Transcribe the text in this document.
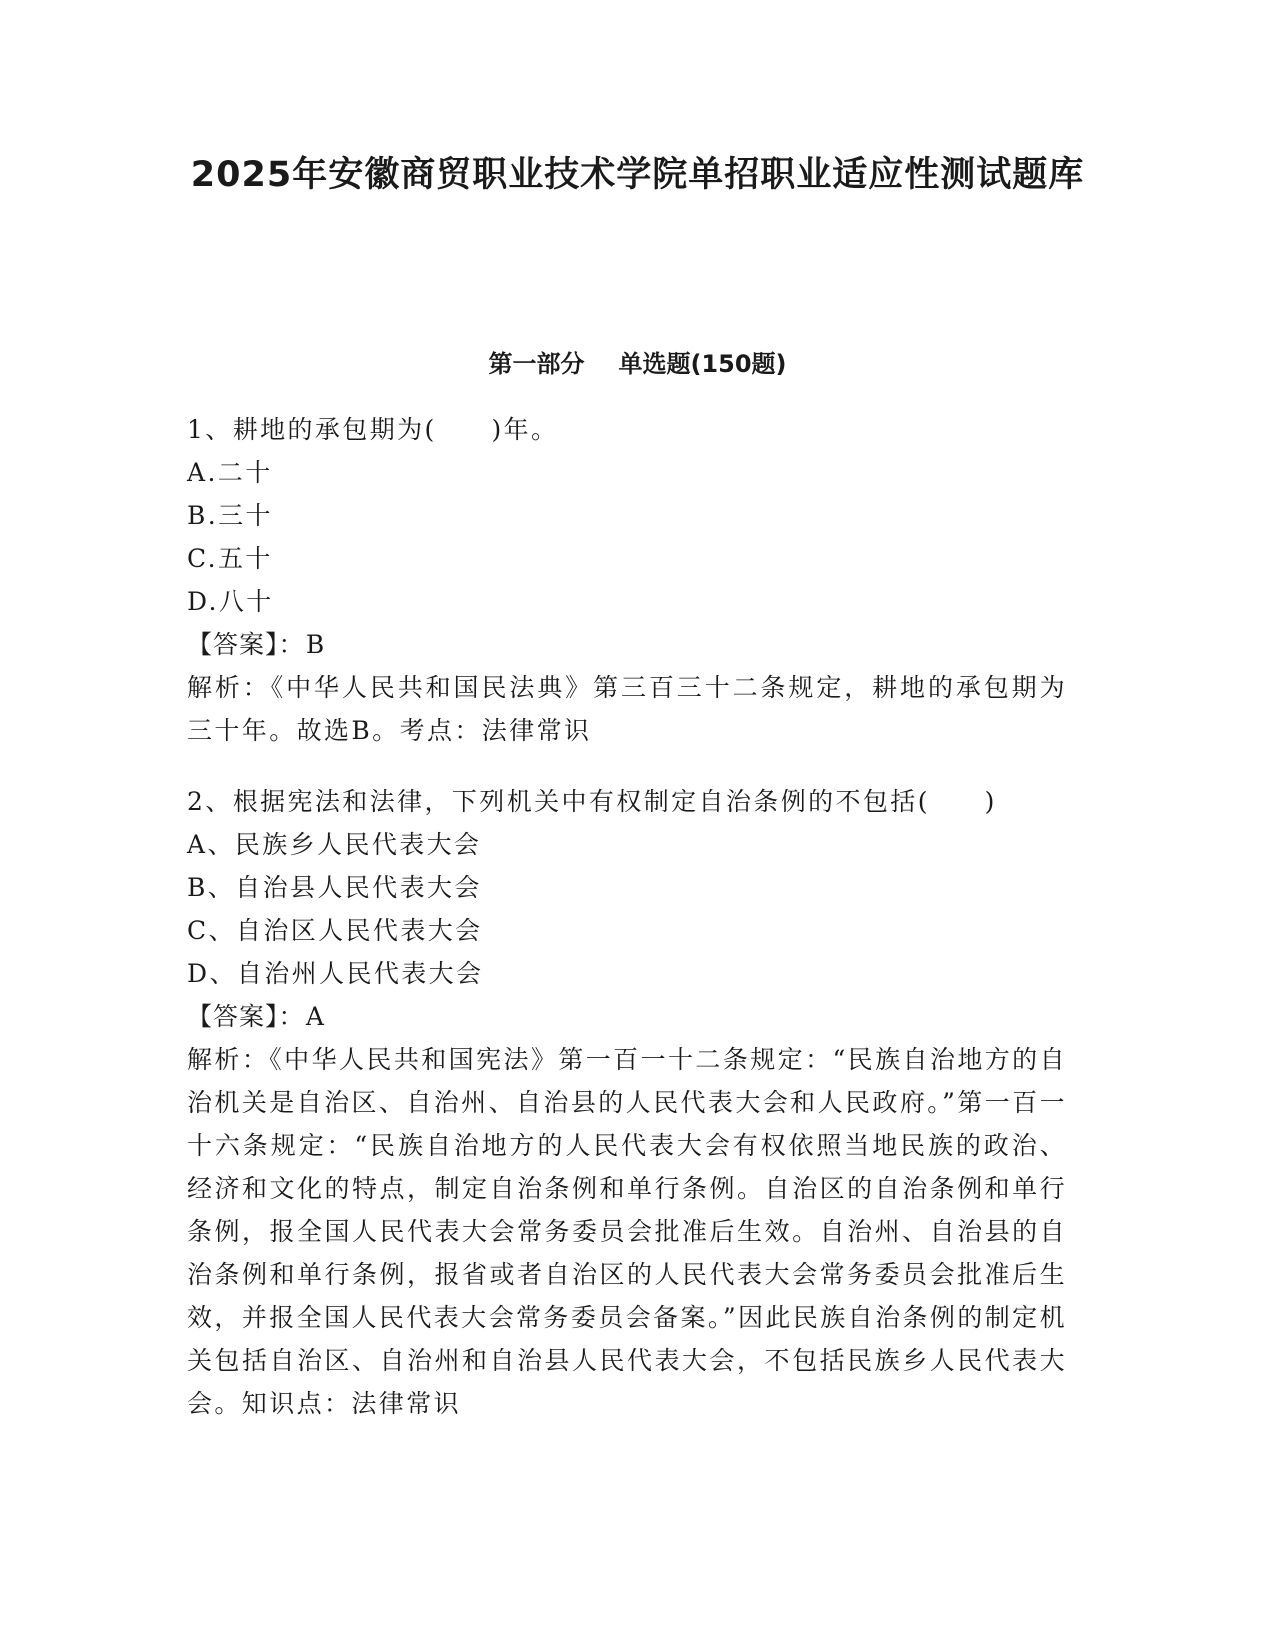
2025年安徽商贸职业技术学院单招职业适应性测试题库
第一部分 单选题(150题)
1、耕地的承包期为(　　)年。
A.二十
B.三十
C.五十
D.八十
【答案】：B

解析：《中华人民共和国民法典》第三百三十二条规定，耕地的承包期为三十年。故选B。考点：法律常识

2、根据宪法和法律，下列机关中有权制定自治条例的不包括(　　)
A、民族乡人民代表大会
B、自治县人民代表大会
C、自治区人民代表大会
D、自治州人民代表大会
【答案】：A

解析：《中华人民共和国宪法》第一百一十二条规定：“民族自治地方的自治机关是自治区、自治州、自治县的人民代表大会和人民政府。”第一百一十六条规定：“民族自治地方的人民代表大会有权依照当地民族的政治、经济和文化的特点，制定自治条例和单行条例。自治区的自治条例和单行条例，报全国人民代表大会常务委员会批准后生效。自治州、自治县的自治条例和单行条例，报省或者自治区的人民代表大会常务委员会批准后生效，并报全国人民代表大会常务委员会备案。”因此民族自治条例的制定机关包括自治区、自治州和自治县人民代表大会，不包括民族乡人民代表大会。知识点：法律常识
